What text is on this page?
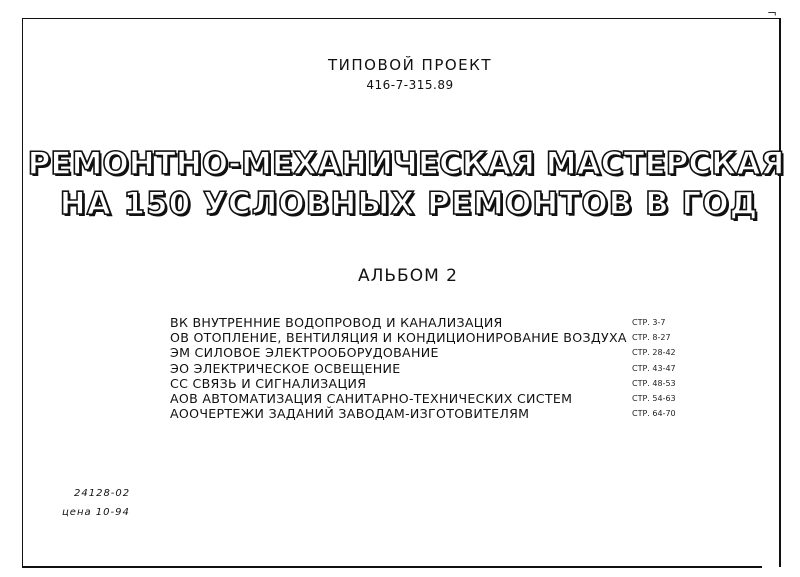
¬
ТИПОВОЙ ПРОЕКТ
416-7-315.89
РЕМОНТНО-МЕХАНИЧЕСКАЯ МАСТЕРСКАЯ
НА 150 УСЛОВНЫХ РЕМОНТОВ В ГОД
АЛЬБОМ 2
ВК ВНУТРЕННИЕ ВОДОПРОВОД И КАНАЛИЗАЦИЯ	СТР. 3-7
ОВ ОТОПЛЕНИЕ, ВЕНТИЛЯЦИЯ И КОНДИЦИОНИРОВАНИЕ ВОЗДУХА СТР. 8-27
ЭМ СИЛОВОЕ ЭЛЕКТРООБОРУДОВАНИЕ	СТР. 28-42
ЭО ЭЛЕКТРИЧЕСКОЕ ОСВЕЩЕНИЕ	СТР. 43-47
СС СВЯЗЬ И СИГНАЛИЗАЦИЯ	СТР. 48-53
АОВ АВТОМАТИЗАЦИЯ САНИТАРНО-ТЕХНИЧЕСКИХ СИСТЕМ	СТР. 54-63
АООЧЕРТЕЖИ ЗАДАНИЙ ЗАВОДАМ-ИЗГОТОВИТЕЛЯМ	СТР. 64-70
24128-02
цена 10-94
